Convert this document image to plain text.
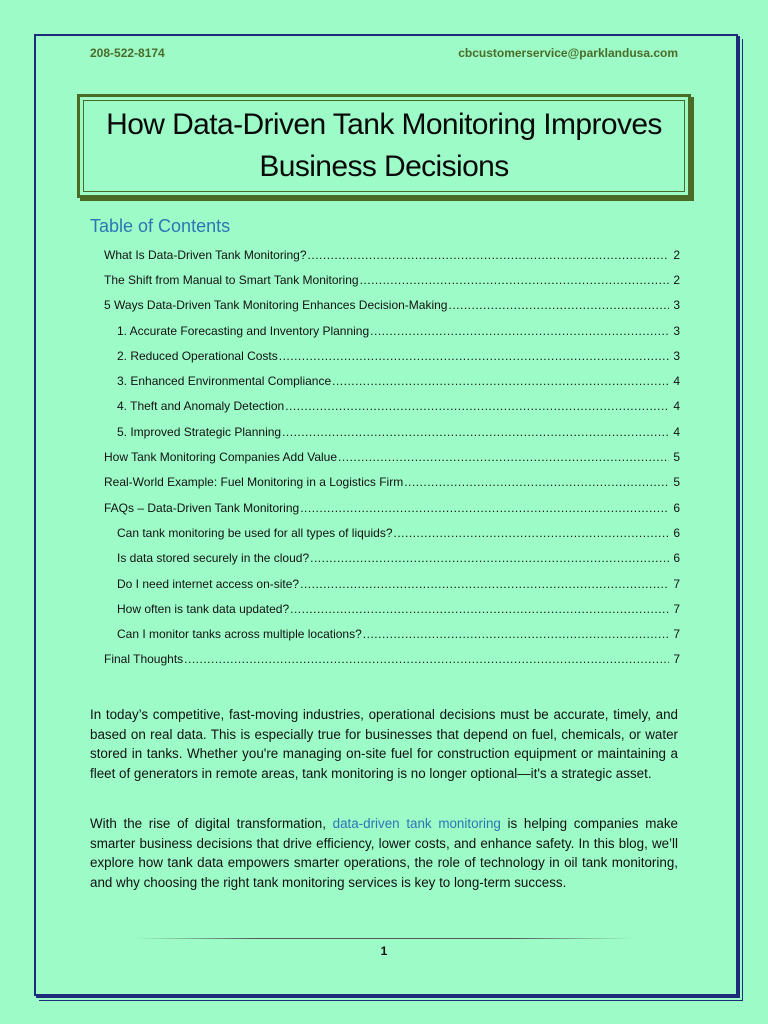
208-522-8174	cbcustomerservice@parklandusa.com
How Data-Driven Tank Monitoring Improves Business Decisions
Table of Contents
What Is Data-Driven Tank Monitoring? .....	2
The Shift from Manual to Smart Tank Monitoring .....	2
5 Ways Data-Driven Tank Monitoring Enhances Decision-Making .....	3
1. Accurate Forecasting and Inventory Planning .....	3
2. Reduced Operational Costs .....	3
3. Enhanced Environmental Compliance .....	4
4. Theft and Anomaly Detection .....	4
5. Improved Strategic Planning .....	4
How Tank Monitoring Companies Add Value .....	5
Real-World Example: Fuel Monitoring in a Logistics Firm .....	5
FAQs – Data-Driven Tank Monitoring .....	6
Can tank monitoring be used for all types of liquids? .....	6
Is data stored securely in the cloud? .....	6
Do I need internet access on-site? .....	7
How often is tank data updated? .....	7
Can I monitor tanks across multiple locations? .....	7
Final Thoughts .....	7

In today’s competitive, fast-moving industries, operational decisions must be accurate, timely, and based on real data. This is especially true for businesses that depend on fuel, chemicals, or water stored in tanks. Whether you're managing on-site fuel for construction equipment or maintaining a fleet of generators in remote areas, tank monitoring is no longer optional—it's a strategic asset.

With the rise of digital transformation, data-driven tank monitoring is helping companies make smarter business decisions that drive efficiency, lower costs, and enhance safety. In this blog, we’ll explore how tank data empowers smarter operations, the role of technology in oil tank monitoring, and why choosing the right tank monitoring services is key to long-term success.

1
